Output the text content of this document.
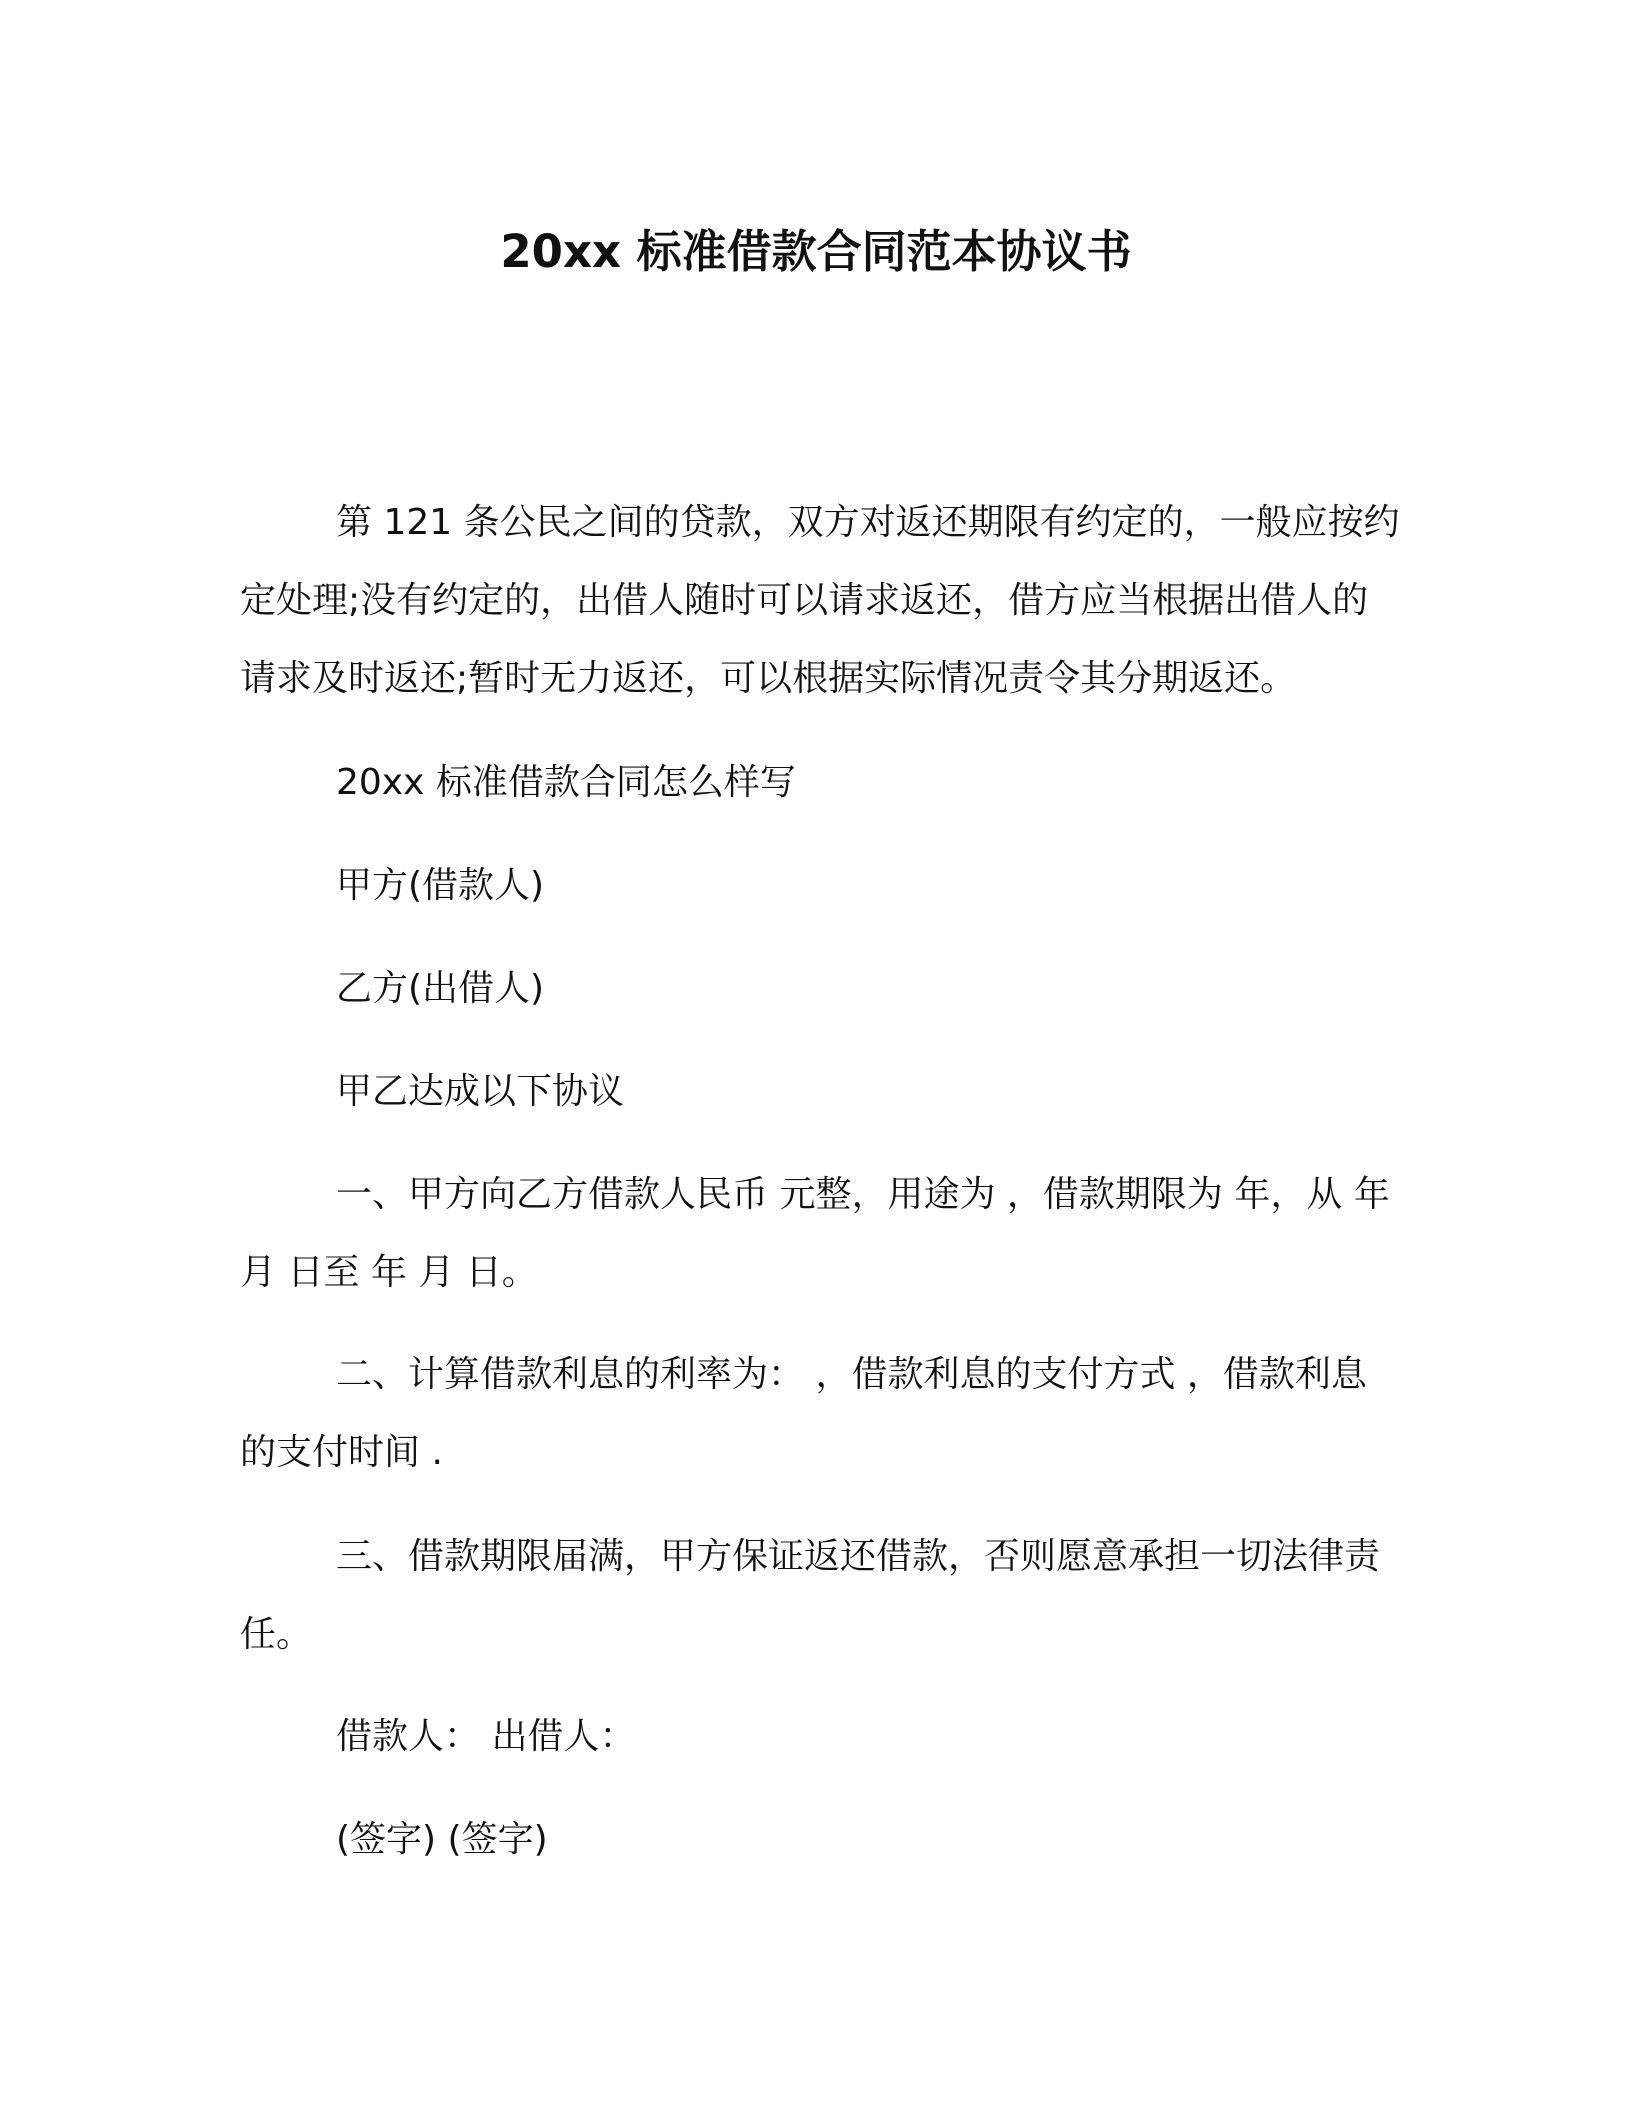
20xx 标准借款合同范本协议书

第 121 条公民之间的贷款，双方对返还期限有约定的，一般应按约定处理;没有约定的，出借人随时可以请求返还，借方应当根据出借人的请求及时返还;暂时无力返还，可以根据实际情况责令其分期返还。

20xx 标准借款合同怎么样写

甲方(借款人)

乙方(出借人)

甲乙达成以下协议

一、甲方向乙方借款人民币 元整，用途为 ，借款期限为 年，从 年 月 日至 年 月 日。

二、计算借款利息的利率为： ，借款利息的支付方式 ，借款利息的支付时间 .

三、借款期限届满，甲方保证返还借款，否则愿意承担一切法律责任。

借款人： 出借人：

(签字) (签字)
